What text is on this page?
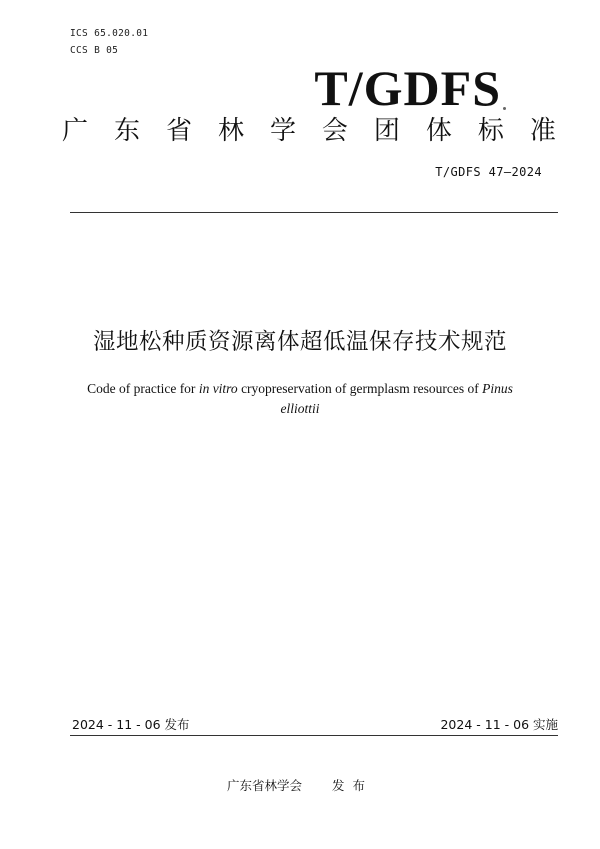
ICS 65.020.01
CCS B 05
T/GDFS
广 东 省 林 学 会 团 体 标 准
T/GDFS 47—2024
湿地松种质资源离体超低温保存技术规范
Code of practice for in vitro cryopreservation of germplasm resources of Pinus elliottii
2024 - 11 - 06 发布	2024 - 11 - 06 实施
广东省林学会 发布
